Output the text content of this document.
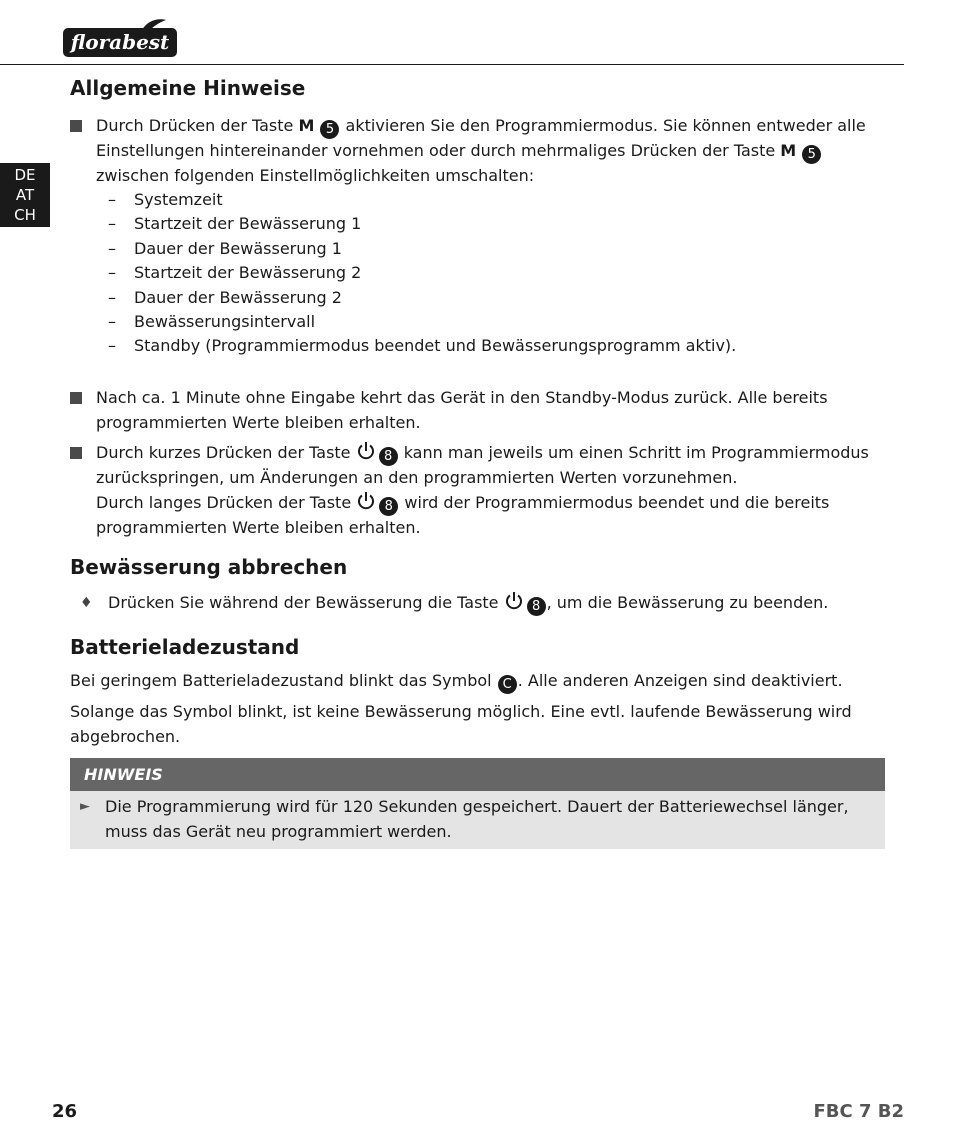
florabest
DE
AT
CH
Allgemeine Hinweise
Durch Drücken der Taste M 5 aktivieren Sie den Programmiermodus. Sie können entweder alle Einstellungen hintereinander vornehmen oder durch mehrmaliges Drücken der Taste M 5 zwischen folgenden Einstellmöglichkeiten umschalten:
– Systemzeit
– Startzeit der Bewässerung 1
– Dauer der Bewässerung 1
– Startzeit der Bewässerung 2
– Dauer der Bewässerung 2
– Bewässerungsintervall
– Standby (Programmiermodus beendet und Bewässerungsprogramm aktiv).
Nach ca. 1 Minute ohne Eingabe kehrt das Gerät in den Standby-Modus zurück. Alle bereits programmierten Werte bleiben erhalten.
Durch kurzes Drücken der Taste 8 kann man jeweils um einen Schritt im Programmiermodus zurückspringen, um Änderungen an den programmierten Werten vorzunehmen.
Durch langes Drücken der Taste 8 wird der Programmiermodus beendet und die bereits programmierten Werte bleiben erhalten.
Bewässerung abbrechen
♦ Drücken Sie während der Bewässerung die Taste 8 , um die Bewässerung zu beenden.
Batterieladezustand
Bei geringem Batterieladezustand blinkt das Symbol C . Alle anderen Anzeigen sind deaktiviert.
Solange das Symbol blinkt, ist keine Bewässerung möglich. Eine evtl. laufende Bewässerung wird abgebrochen.
HINWEIS
► Die Programmierung wird für 120 Sekunden gespeichert. Dauert der Batteriewechsel länger, muss das Gerät neu programmiert werden.
26	FBC 7 B2
